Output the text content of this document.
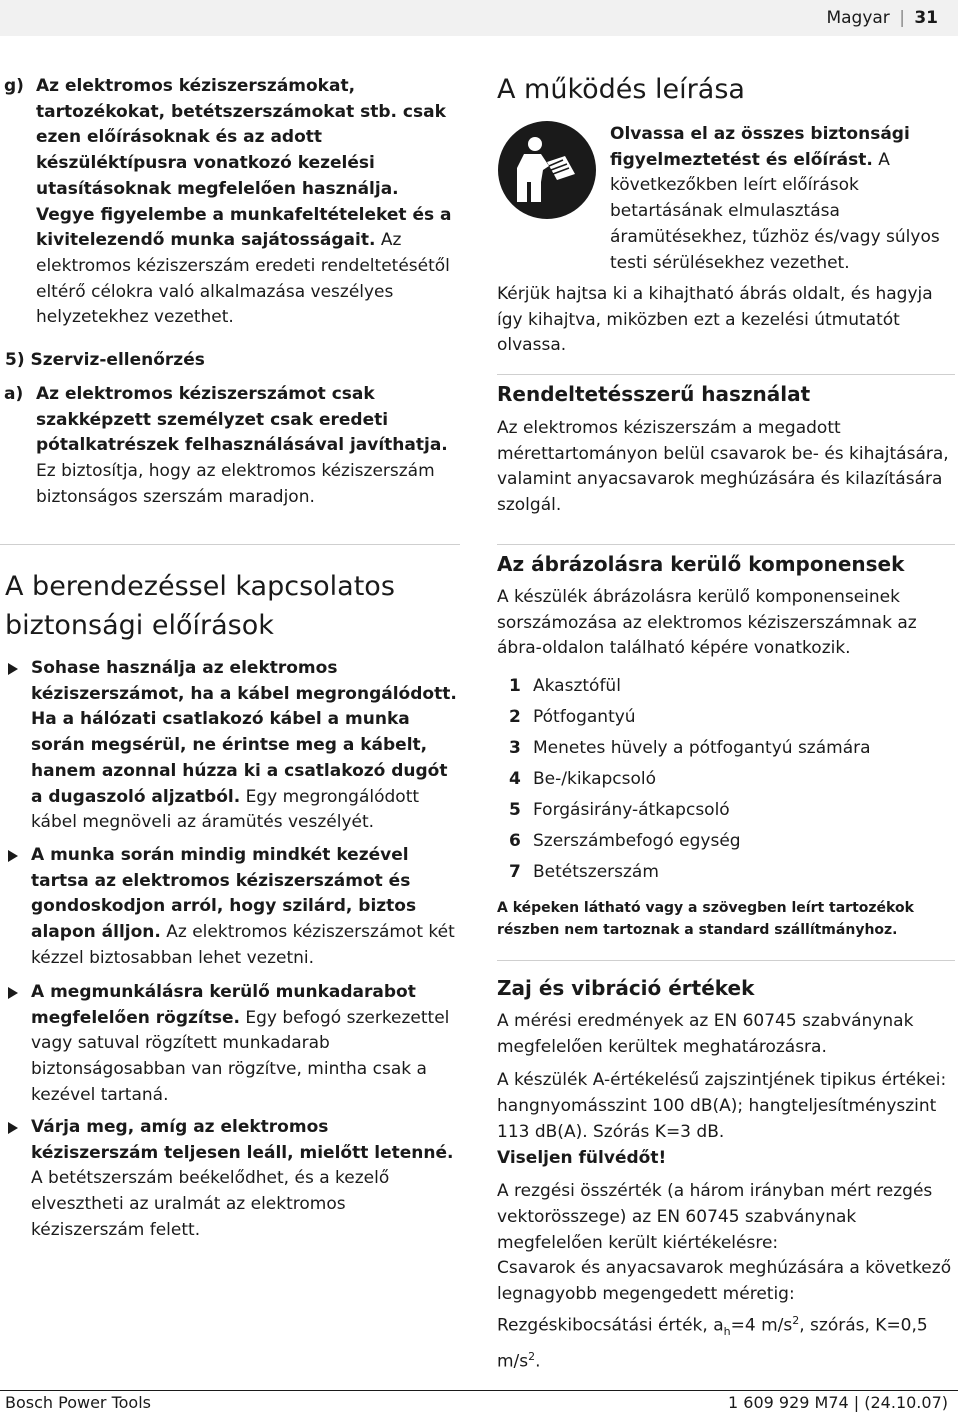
Magyar | 31
g) Az elektromos kéziszerszámokat, tartozékokat, betétszerszámokat stb. csak ezen előírásoknak és az adott készüléktípusra vonatkozó kezelési utasításoknak megfelelően használja. Vegye figyelembe a munkafeltételeket és a kivitelezendő munka sajátosságait. Az elektromos kéziszerszám eredeti rendeltetésétől eltérő célokra való alkalmazása veszélyes helyzetekhez vezethet.

5) Szerviz-ellenőrzés

a) Az elektromos kéziszerszámot csak szakképzett személyzet csak eredeti pótalkatrészek felhasználásával javíthatja. Ez biztosítja, hogy az elektromos kéziszerszám biztonságos szerszám maradjon.

A berendezéssel kapcsolatos biztonsági előírások

Sohase használja az elektromos kéziszerszámot, ha a kábel megrongálódott. Ha a hálózati csatlakozó kábel a munka során megsérül, ne érintse meg a kábelt, hanem azonnal húzza ki a csatlakozó dugót a dugaszoló aljzatból. Egy megrongálódott kábel megnöveli az áramütés veszélyét.

A munka során mindig mindkét kezével tartsa az elektromos kéziszerszámot és gondoskodjon arról, hogy szilárd, biztos alapon álljon. Az elektromos kéziszerszámot két kézzel biztosabban lehet vezetni.

A megmunkálásra kerülő munkadarabot megfelelően rögzítse. Egy befogó szerkezettel vagy satuval rögzített munkadarab biztonságosabban van rögzítve, mintha csak a kezével tartaná.

Várja meg, amíg az elektromos kéziszerszám teljesen leáll, mielőtt letenné. A betétszerszám beékelődhet, és a kezelő elvesztheti az uralmát az elektromos kéziszerszám felett.

A működés leírása

Olvassa el az összes biztonsági figyelmeztetést és előírást. A következőkben leírt előírások betartásának elmulasztása áramütésekhez, tűzhöz és/vagy súlyos testi sérülésekhez vezethet.

Kérjük hajtsa ki a kihajtható ábrás oldalt, és hagyja így kihajtva, miközben ezt a kezelési útmutatót olvassa.

Rendeltetésszerű használat

Az elektromos kéziszerszám a megadott mérettartományon belül csavarok be- és kihajtására, valamint anyacsavarok meghúzására és kilazítására szolgál.

Az ábrázolásra kerülő komponensek

A készülék ábrázolásra kerülő komponenseinek sorszámozása az elektromos kéziszerszámnak az ábra-oldalon található képére vonatkozik.

1 Akasztófül
2 Pótfogantyú
3 Menetes hüvely a pótfogantyú számára
4 Be-/kikapcsoló
5 Forgásirány-átkapcsoló
6 Szerszámbefogó egység
7 Betétszerszám

A képeken látható vagy a szövegben leírt tartozékok részben nem tartoznak a standard szállítmányhoz.

Zaj és vibráció értékek

A mérési eredmények az EN 60745 szabványnak megfelelően kerültek meghatározásra.

A készülék A-értékelésű zajszintjének tipikus értékei: hangnyomásszint 100 dB(A); hangteljesítményszint 113 dB(A). Szórás K=3 dB.
Viseljen fülvédőt!

A rezgési összérték (a három irányban mért rezgés vektorösszege) az EN 60745 szabványnak megfelelően került kiértékelésre:

Csavarok és anyacsavarok meghúzására a következő legnagyobb megengedett méretig:

Rezgéskibocsátási érték, $a_h=4$ $m/s^2$, szórás, K=0,5 $m/s^2$.

Bosch Power Tools	1 609 929 M74 | (24.10.07)
